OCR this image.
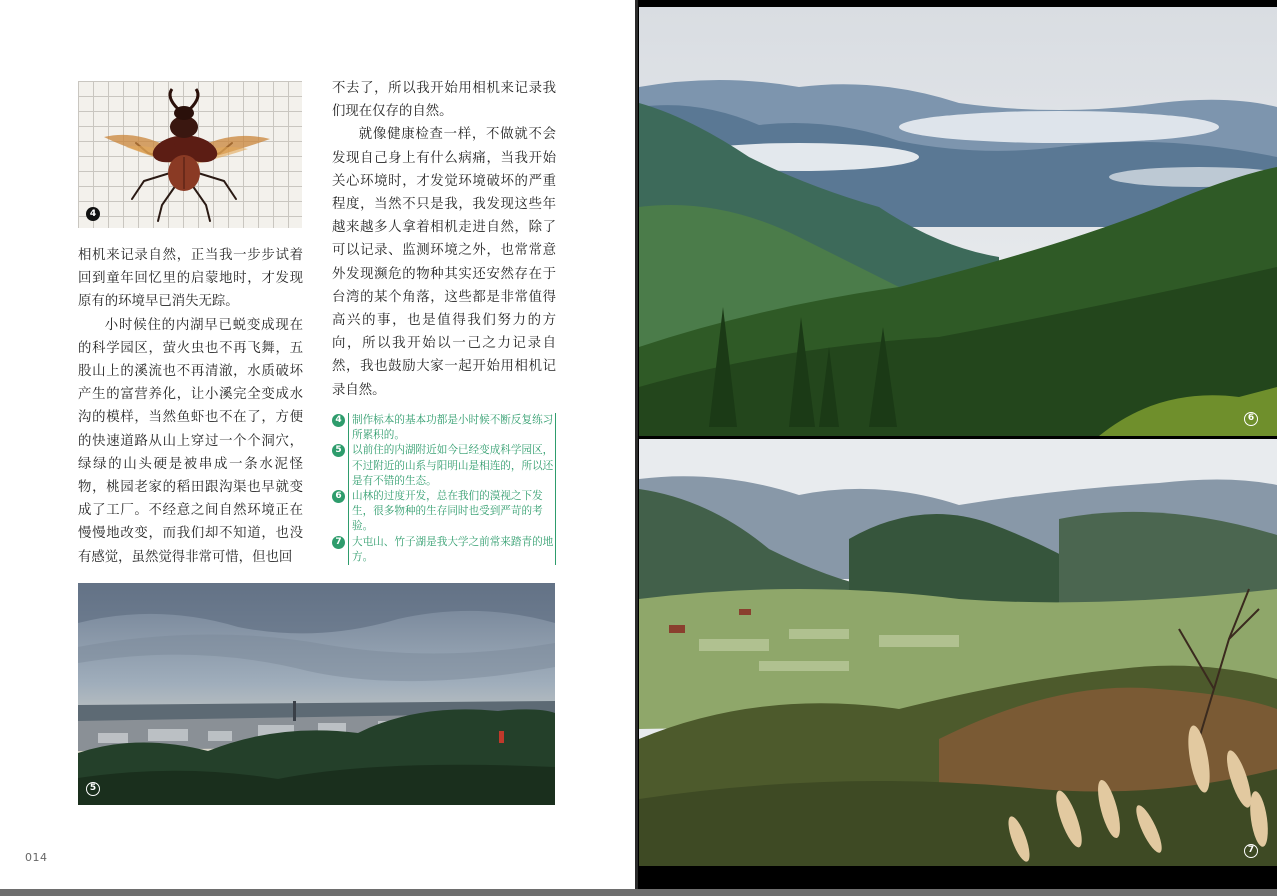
4

相机来记录自然，正当我一步步试着回到童年回忆里的启蒙地时，才发现原有的环境早已消失无踪。

小时候住的内湖早已蜕变成现在的科学园区，萤火虫也不再飞舞，五股山上的溪流也不再清澈，水质破坏产生的富营养化，让小溪完全变成水沟的模样，当然鱼虾也不在了，方便的快速道路从山上穿过一个个洞穴，绿绿的山头硬是被串成一条水泥怪物，桃园老家的稻田跟沟渠也早就变成了工厂。不经意之间自然环境正在慢慢地改变，而我们却不知道，也没有感觉，虽然觉得非常可惜，但也回

不去了，所以我开始用相机来记录我们现在仅存的自然。

就像健康检查一样，不做就不会发现自己身上有什么病痛，当我开始关心环境时，才发觉环境破坏的严重程度，当然不只是我，我发现这些年越来越多人拿着相机走进自然，除了可以记录、监测环境之外，也常常意外发现濒危的物种其实还安然存在于台湾的某个角落，这些都是非常值得高兴的事，也是值得我们努力的方向，所以我开始以一己之力记录自然，我也鼓励大家一起开始用相机记录自然。

4 制作标本的基本功都是小时候不断反复练习所累积的。
5 以前住的内湖附近如今已经变成科学园区，不过附近的山系与阳明山是相连的，所以还是有不错的生态。
6 山林的过度开发，总在我们的漠视之下发生，很多物种的生存同时也受到严苛的考验。
7 大屯山、竹子湖是我大学之前常来踏青的地方。
5
014
6
7
